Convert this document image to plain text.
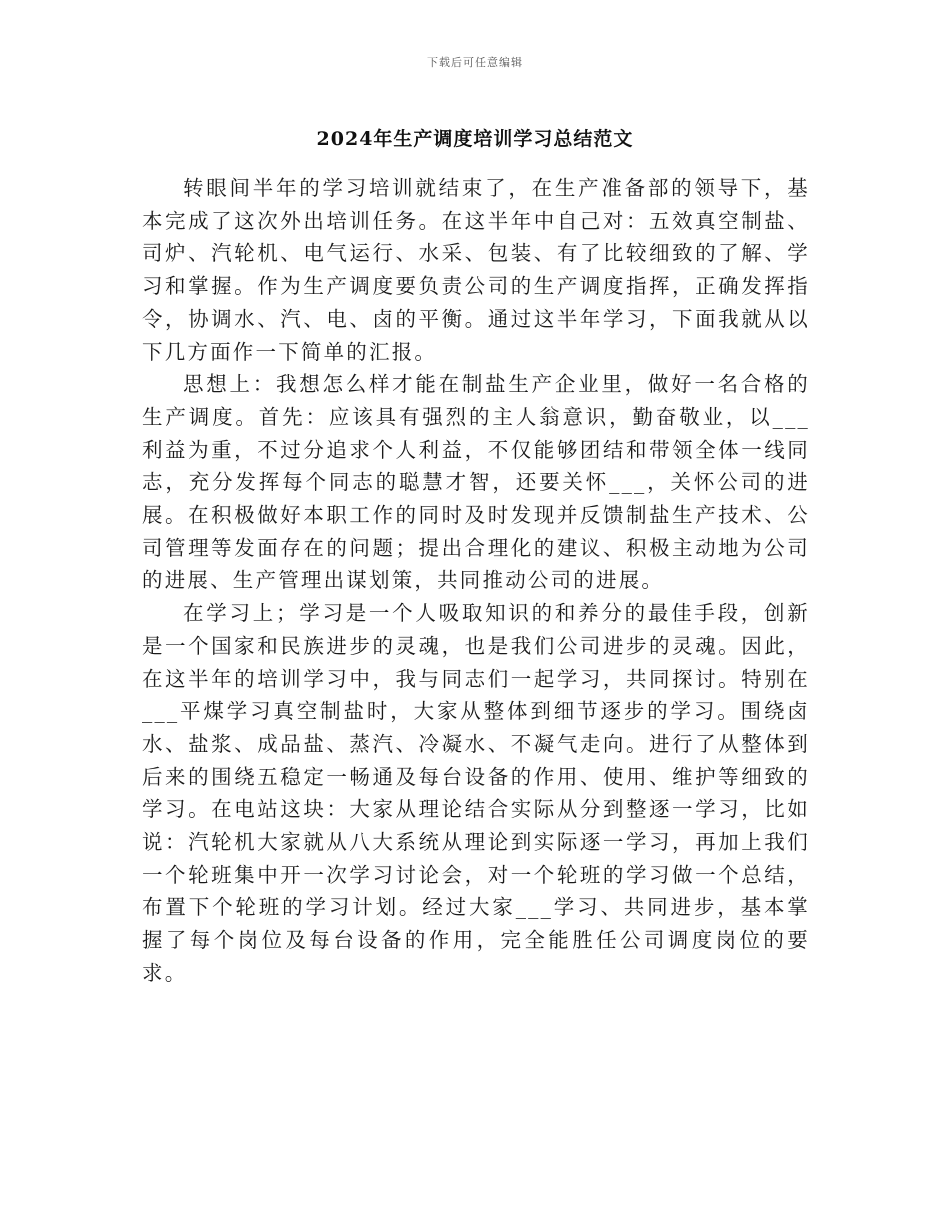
下载后可任意编辑
2024年生产调度培训学习总结范文

转眼间半年的学习培训就结束了，在生产准备部的领导下，基本完成了这次外出培训任务。在这半年中自己对：五效真空制盐、司炉、汽轮机、电气运行、水采、包装、有了比较细致的了解、学习和掌握。作为生产调度要负责公司的生产调度指挥，正确发挥指令，协调水、汽、电、卤的平衡。通过这半年学习，下面我就从以下几方面作一下简单的汇报。

思想上：我想怎么样才能在制盐生产企业里，做好一名合格的生产调度。首先：应该具有强烈的主人翁意识，勤奋敬业，以___利益为重，不过分追求个人利益，不仅能够团结和带领全体一线同志，充分发挥每个同志的聪慧才智，还要关怀___，关怀公司的进展。在积极做好本职工作的同时及时发现并反馈制盐生产技术、公司管理等发面存在的问题；提出合理化的建议、积极主动地为公司的进展、生产管理出谋划策，共同推动公司的进展。

在学习上；学习是一个人吸取知识的和养分的最佳手段，创新是一个国家和民族进步的灵魂，也是我们公司进步的灵魂。因此，在这半年的培训学习中，我与同志们一起学习，共同探讨。特别在___平煤学习真空制盐时，大家从整体到细节逐步的学习。围绕卤水、盐浆、成品盐、蒸汽、冷凝水、不凝气走向。进行了从整体到后来的围绕五稳定一畅通及每台设备的作用、使用、维护等细致的学习。在电站这块：大家从理论结合实际从分到整逐一学习，比如说：汽轮机大家就从八大系统从理论到实际逐一学习，再加上我们一个轮班集中开一次学习讨论会，对一个轮班的学习做一个总结，布置下个轮班的学习计划。经过大家___学习、共同进步，基本掌握了每个岗位及每台设备的作用，完全能胜任公司调度岗位的要求。
